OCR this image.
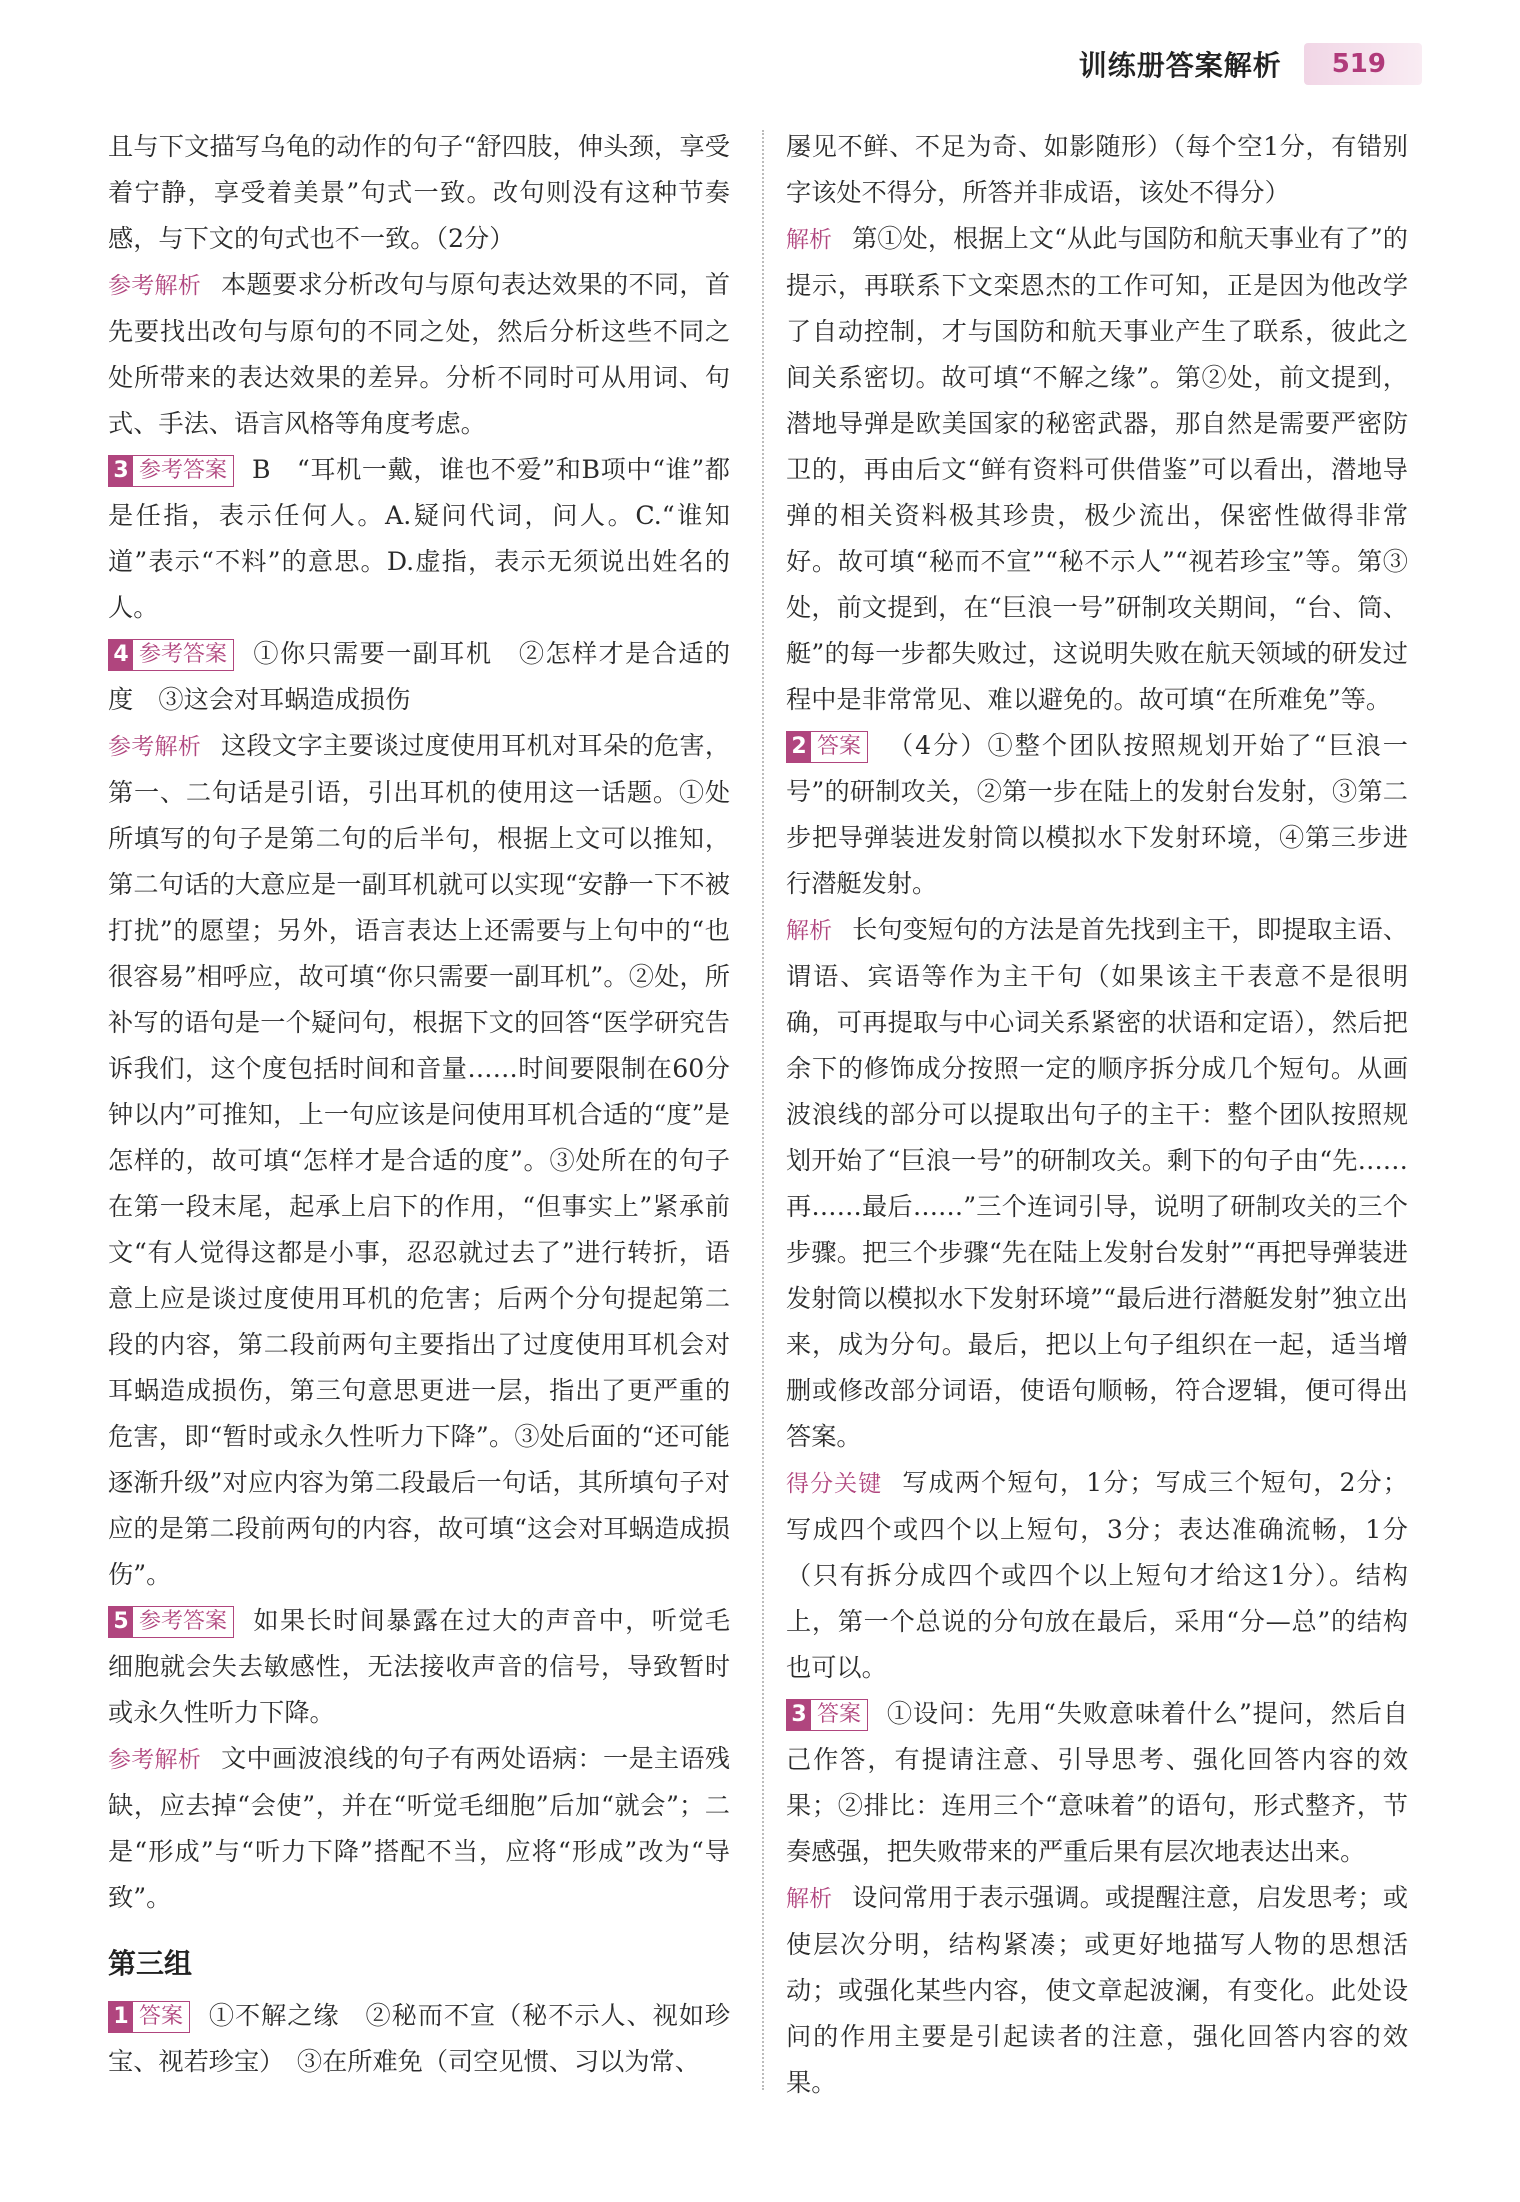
训练册答案解析	519

且与下文描写乌龟的动作的句子“舒四肢，伸头颈，享受着宁静，享受着美景”句式一致。改句则没有这种节奏感，与下文的句式也不一致。（2分）

参考解析 本题要求分析改句与原句表达效果的不同，首先要找出改句与原句的不同之处，然后分析这些不同之处所带来的表达效果的差异。分析不同时可从用词、句式、手法、语言风格等角度考虑。

3 参考答案 B　“耳机一戴，谁也不爱”和B项中“谁”都是任指，表示任何人。A.疑问代词，问人。C.“谁知道”表示“不料”的意思。D.虚指，表示无须说出姓名的人。

4 参考答案 ①你只需要一副耳机　②怎样才是合适的度　③这会对耳蜗造成损伤

参考解析 这段文字主要谈过度使用耳机对耳朵的危害，第一、二句话是引语，引出耳机的使用这一话题。①处所填写的句子是第二句的后半句，根据上文可以推知，第二句话的大意应是一副耳机就可以实现“安静一下不被打扰”的愿望；另外，语言表达上还需要与上句中的“也很容易”相呼应，故可填“你只需要一副耳机”。②处，所补写的语句是一个疑问句，根据下文的回答“医学研究告诉我们，这个度包括时间和音量……时间要限制在60分钟以内”可推知，上一句应该是问使用耳机合适的“度”是怎样的，故可填“怎样才是合适的度”。③处所在的句子在第一段末尾，起承上启下的作用，“但事实上”紧承前文“有人觉得这都是小事，忍忍就过去了”进行转折，语意上应是谈过度使用耳机的危害；后两个分句提起第二段的内容，第二段前两句主要指出了过度使用耳机会对耳蜗造成损伤，第三句意思更进一层，指出了更严重的危害，即“暂时或永久性听力下降”。③处后面的“还可能逐渐升级”对应内容为第二段最后一句话，其所填句子对应的是第二段前两句的内容，故可填“这会对耳蜗造成损伤”。

5 参考答案 如果长时间暴露在过大的声音中，听觉毛细胞就会失去敏感性，无法接收声音的信号，导致暂时或永久性听力下降。

参考解析 文中画波浪线的句子有两处语病：一是主语残缺，应去掉“会使”，并在“听觉毛细胞”后加“就会”；二是“形成”与“听力下降”搭配不当，应将“形成”改为“导致”。

第三组

1 答案 ①不解之缘　②秘而不宣（秘不示人、视如珍宝、视若珍宝）　③在所难免（司空见惯、习以为常、

屡见不鲜、不足为奇、如影随形）（每个空1分，有错别字该处不得分，所答并非成语，该处不得分）

解析 第①处，根据上文“从此与国防和航天事业有了”的提示，再联系下文栾恩杰的工作可知，正是因为他改学了自动控制，才与国防和航天事业产生了联系，彼此之间关系密切。故可填“不解之缘”。第②处，前文提到，潜地导弹是欧美国家的秘密武器，那自然是需要严密防卫的，再由后文“鲜有资料可供借鉴”可以看出，潜地导弹的相关资料极其珍贵，极少流出，保密性做得非常好。故可填“秘而不宣”“秘不示人”“视若珍宝”等。第③处，前文提到，在“巨浪一号”研制攻关期间，“台、筒、艇”的每一步都失败过，这说明失败在航天领域的研发过程中是非常常见、难以避免的。故可填“在所难免”等。

2 答案 （4分）①整个团队按照规划开始了“巨浪一号”的研制攻关，②第一步在陆上的发射台发射，③第二步把导弹装进发射筒以模拟水下发射环境，④第三步进行潜艇发射。

解析 长句变短句的方法是首先找到主干，即提取主语、谓语、宾语等作为主干句（如果该主干表意不是很明确，可再提取与中心词关系紧密的状语和定语），然后把余下的修饰成分按照一定的顺序拆分成几个短句。从画波浪线的部分可以提取出句子的主干：整个团队按照规划开始了“巨浪一号”的研制攻关。剩下的句子由“先……再……最后……”三个连词引导，说明了研制攻关的三个步骤。把三个步骤“先在陆上发射台发射”“再把导弹装进发射筒以模拟水下发射环境”“最后进行潜艇发射”独立出来，成为分句。最后，把以上句子组织在一起，适当增删或修改部分词语，使语句顺畅，符合逻辑，便可得出答案。

得分关键 写成两个短句，1分；写成三个短句，2分；写成四个或四个以上短句，3分；表达准确流畅，1分（只有拆分成四个或四个以上短句才给这1分）。结构上，第一个总说的分句放在最后，采用“分—总”的结构也可以。

3 答案 ①设问：先用“失败意味着什么”提问，然后自己作答，有提请注意、引导思考、强化回答内容的效果；②排比：连用三个“意味着”的语句，形式整齐，节奏感强，把失败带来的严重后果有层次地表达出来。

解析 设问常用于表示强调。或提醒注意，启发思考；或使层次分明，结构紧凑；或更好地描写人物的思想活动；或强化某些内容，使文章起波澜，有变化。此处设问的作用主要是引起读者的注意，强化回答内容的效果。
